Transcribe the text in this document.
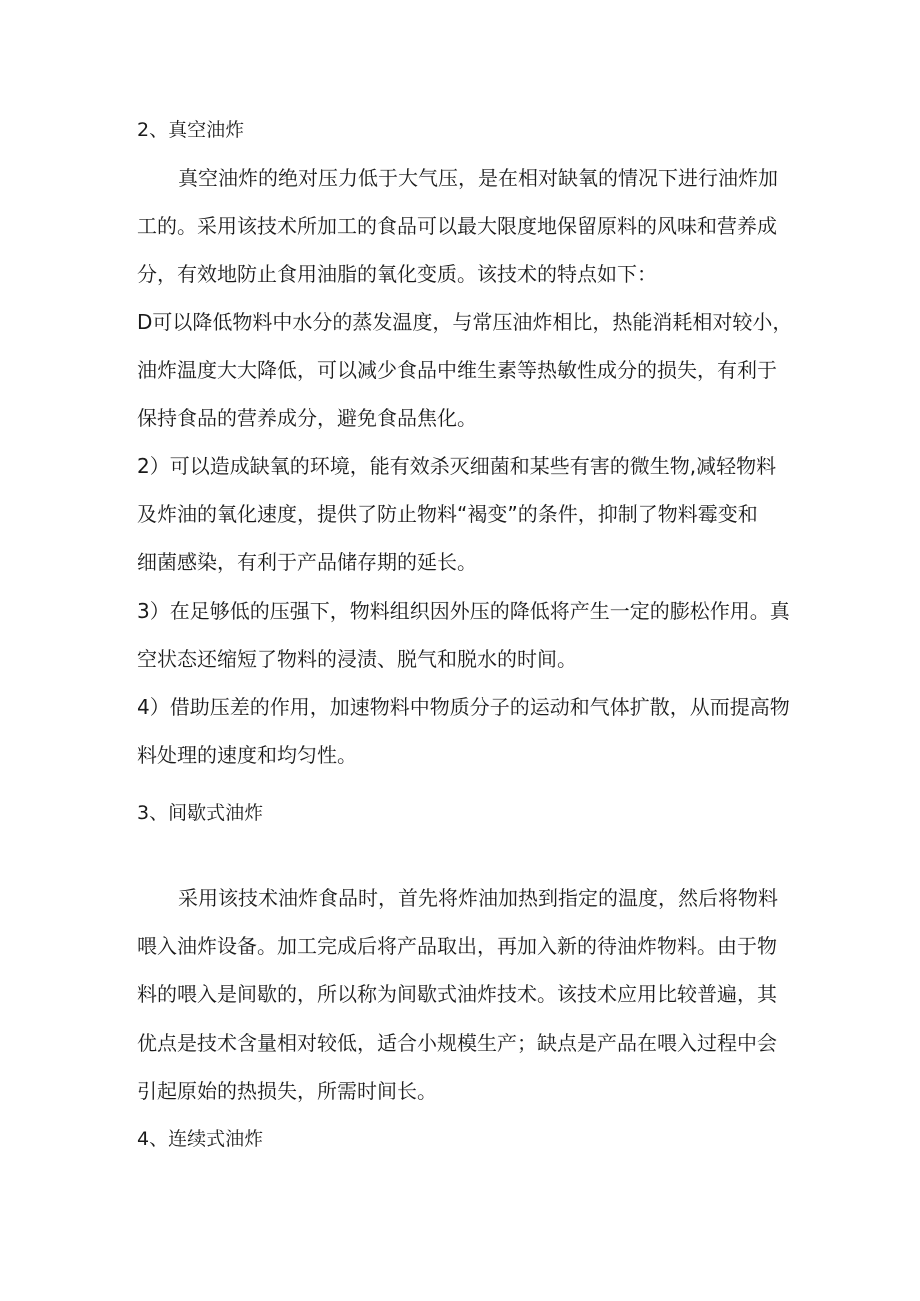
2、真空油炸
真空油炸的绝对压力低于大气压，是在相对缺氧的情况下进行油炸加
工的。采用该技术所加工的食品可以最大限度地保留原料的风味和营养成
分，有效地防止食用油脂的氧化变质。该技术的特点如下：
D可以降低物料中水分的蒸发温度，与常压油炸相比，热能消耗相对较小，
油炸温度大大降低，可以减少食品中维生素等热敏性成分的损失，有利于
保持食品的营养成分，避免食品焦化。
2）可以造成缺氧的环境，能有效杀灭细菌和某些有害的微生物,减轻物料
及炸油的氧化速度，提供了防止物料“褐变”的条件，抑制了物料霉变和
细菌感染，有利于产品储存期的延长。
3）在足够低的压强下，物料组织因外压的降低将产生一定的膨松作用。真
空状态还缩短了物料的浸渍、脱气和脱水的时间。
4）借助压差的作用，加速物料中物质分子的运动和气体扩散，从而提高物
料处理的速度和均匀性。
3、间歇式油炸
采用该技术油炸食品时，首先将炸油加热到指定的温度，然后将物料
喂入油炸设备。加工完成后将产品取出，再加入新的待油炸物料。由于物
料的喂入是间歇的，所以称为间歇式油炸技术。该技术应用比较普遍，其
优点是技术含量相对较低，适合小规模生产；缺点是产品在喂入过程中会
引起原始的热损失，所需时间长。
4、连续式油炸
